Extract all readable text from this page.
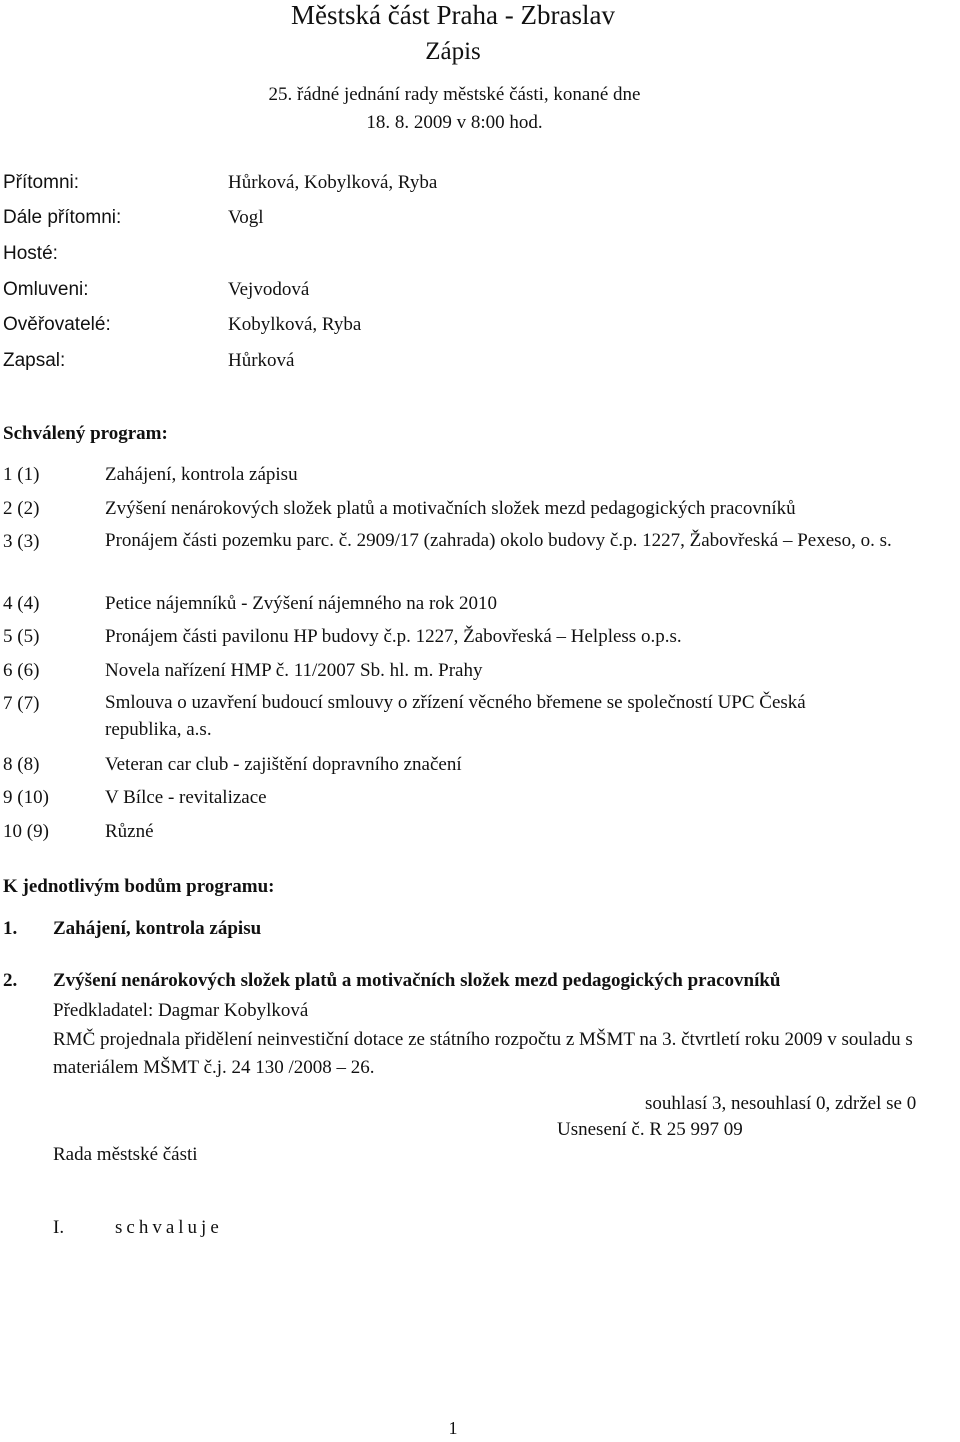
Městská část Praha - Zbraslav
Zápis
25. řádné jednání rady městské části, konané dne
18. 8. 2009 v 8:00 hod.
Přítomni:	Hůrková, Kobylková, Ryba
Dále přítomni:	Vogl
Hosté:
Omluveni:	Vejvodová
Ověřovatelé:	Kobylková, Ryba
Zapsal:	Hůrková
Schválený program:
1 (1)	Zahájení, kontrola zápisu
2 (2)	Zvýšení nenárokových složek platů a motivačních složek mezd pedagogických pracovníků
3 (3)	Pronájem části pozemku parc. č. 2909/17 (zahrada) okolo budovy č.p. 1227, Žabovřeská – Pexeso, o. s.
4 (4)	Petice nájemníků - Zvýšení nájemného na rok 2010
5 (5)	Pronájem části pavilonu HP budovy č.p. 1227, Žabovřeská – Helpless o.p.s.
6 (6)	Novela nařízení HMP č. 11/2007 Sb. hl. m. Prahy
7 (7)	Smlouva o uzavření budoucí smlouvy o zřízení věcného břemene se společností UPC Česká republika, a.s.
8 (8)	Veteran car club - zajištění dopravního značení
9 (10)	V Bílce - revitalizace
10 (9)	Různé
K jednotlivým bodům programu:
1. Zahájení, kontrola zápisu
2. Zvýšení nenárokových složek platů a motivačních složek mezd pedagogických pracovníků
Předkladatel: Dagmar Kobylková
RMČ projednala přidělení neinvestiční dotace ze státního rozpočtu z MŠMT na 3. čtvrtletí roku 2009 v souladu s materiálem MŠMT č.j. 24 130 /2008 – 26.
souhlasí 3, nesouhlasí 0, zdržel se 0
Usnesení č. R 25 997 09
Rada městské části
I.	schvaluje
1
